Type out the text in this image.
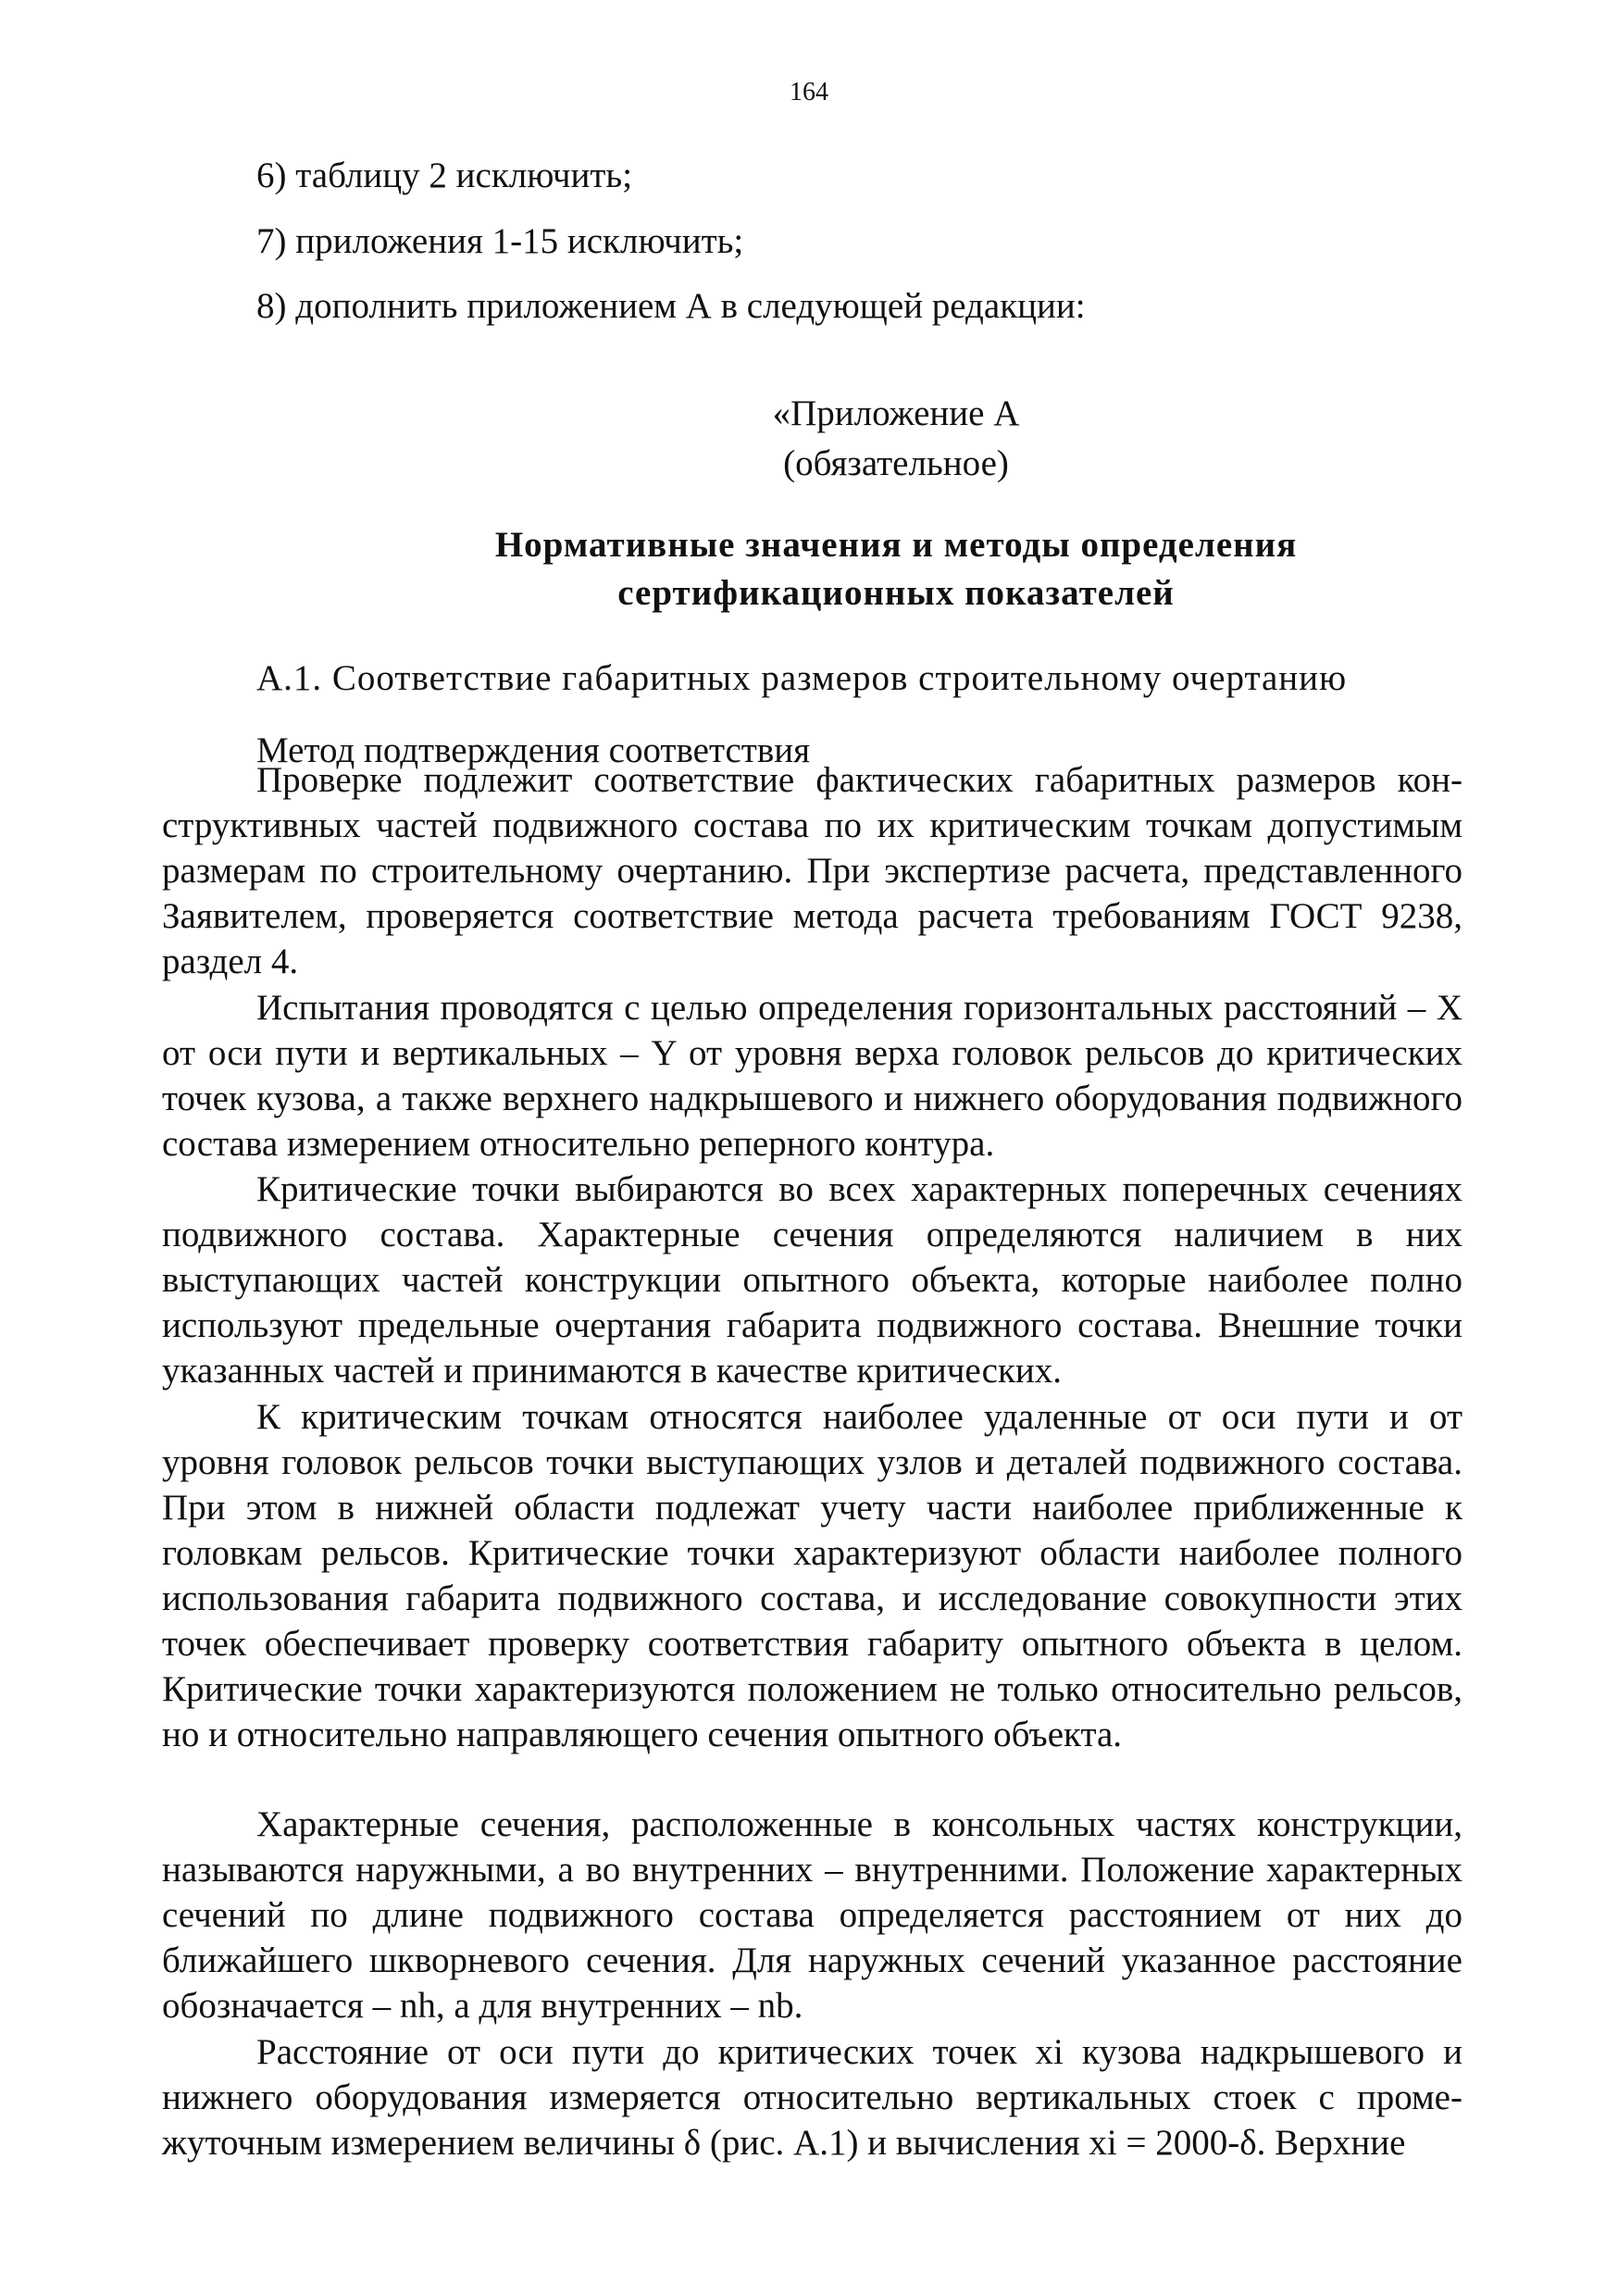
164
6) таблицу 2 исключить;
7) приложения 1-15 исключить;
8) дополнить приложением А в следующей редакции:
«Приложение А
(обязательное)
Нормативные значения и методы определения
сертификационных показателей
А.1. Соответствие габаритных размеров строительному очертанию
Метод подтверждения соответствия

Проверке подлежит соответствие фактических габаритных размеров конструктивных частей подвижного состава по их критическим точкам допустимым размерам по строительному очертанию. При экспертизе расчета, представленного Заявителем, проверяется соответствие метода расчета требованиям ГОСТ 9238, раздел 4.

Испытания проводятся с целью определения горизонтальных расстояний – X от оси пути и вертикальных – Y от уровня верха головок рельсов до критических точек кузова, а также верхнего надкрышевого и нижнего оборудования подвижного состава измерением относительно реперного контура.

Критические точки выбираются во всех характерных поперечных сечениях подвижного состава. Характерные сечения определяются наличием в них выступающих частей конструкции опытного объекта, которые наиболее полно используют предельные очертания габарита подвижного состава. Внешние точки указанных частей и принимаются в качестве критических.

К критическим точкам относятся наиболее удаленные от оси пути и от уровня головок рельсов точки выступающих узлов и деталей подвижного состава. При этом в нижней области подлежат учету части наиболее приближенные к головкам рельсов. Критические точки характеризуют области наиболее полного использования габарита подвижного состава, и исследование совокупности этих точек обеспечивает проверку соответствия габариту опытного объекта в целом. Критические точки характеризуются положением не только относительно рельсов, но и относительно направляющего сечения опытного объекта.

Характерные сечения, расположенные в консольных частях конструкции, называются наружными, а во внутренних – внутренними. Положение характерных сечений по длине подвижного состава определяется расстоянием от них до ближайшего шкворневого сечения. Для наружных сечений указанное расстояние обозначается – nh, а для внутренних – nb.

Расстояние от оси пути до критических точек xi кузова надкрышевого и нижнего оборудования измеряется относительно вертикальных стоек с промежуточным измерением величины δ (рис. А.1) и вычисления xi = 2000-δ. Верхние
